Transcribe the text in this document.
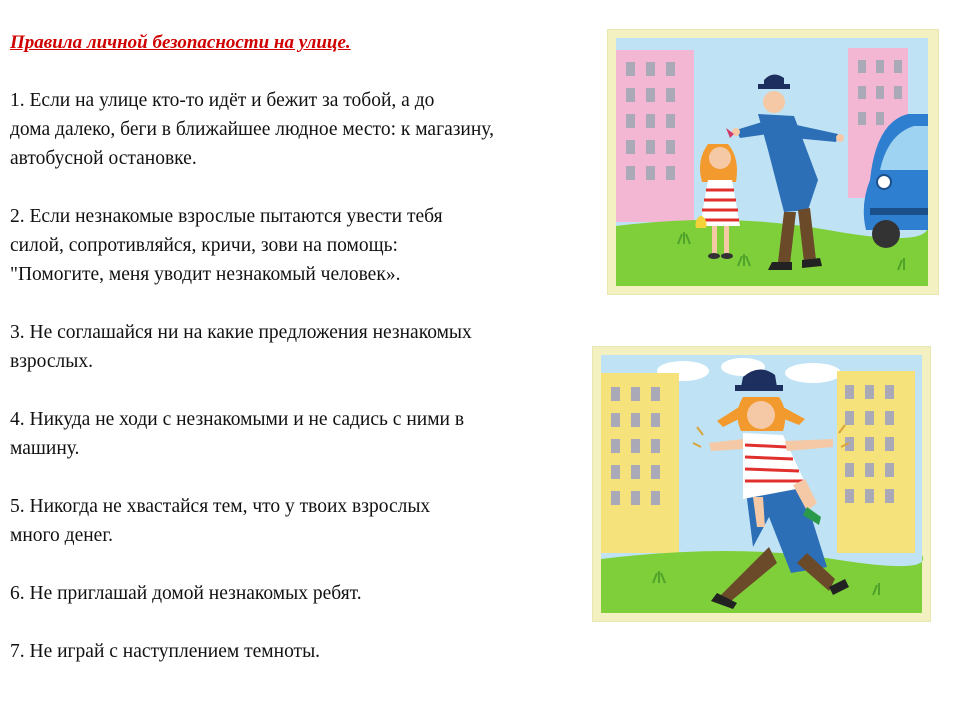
Правила личной безопасности на улице.

1. Если на улице кто-то идёт и бежит за тобой, а до

дома далеко, беги в ближайшее людное место: к магазину,

автобусной остановке.

2. Если незнакомые взрослые пытаются увести тебя

силой, сопротивляйся, кричи, зови на помощь:

"Помогите, меня уводит незнакомый человек».

3. Не соглашайся ни на какие предложения незнакомых

взрослых.

4. Никуда не ходи с незнакомыми и не садись с ними в

машину.

5. Никогда не хвастайся тем, что у твоих взрослых

много денег.

6. Не приглашай домой незнакомых ребят.

7. Не играй с наступлением темноты.
